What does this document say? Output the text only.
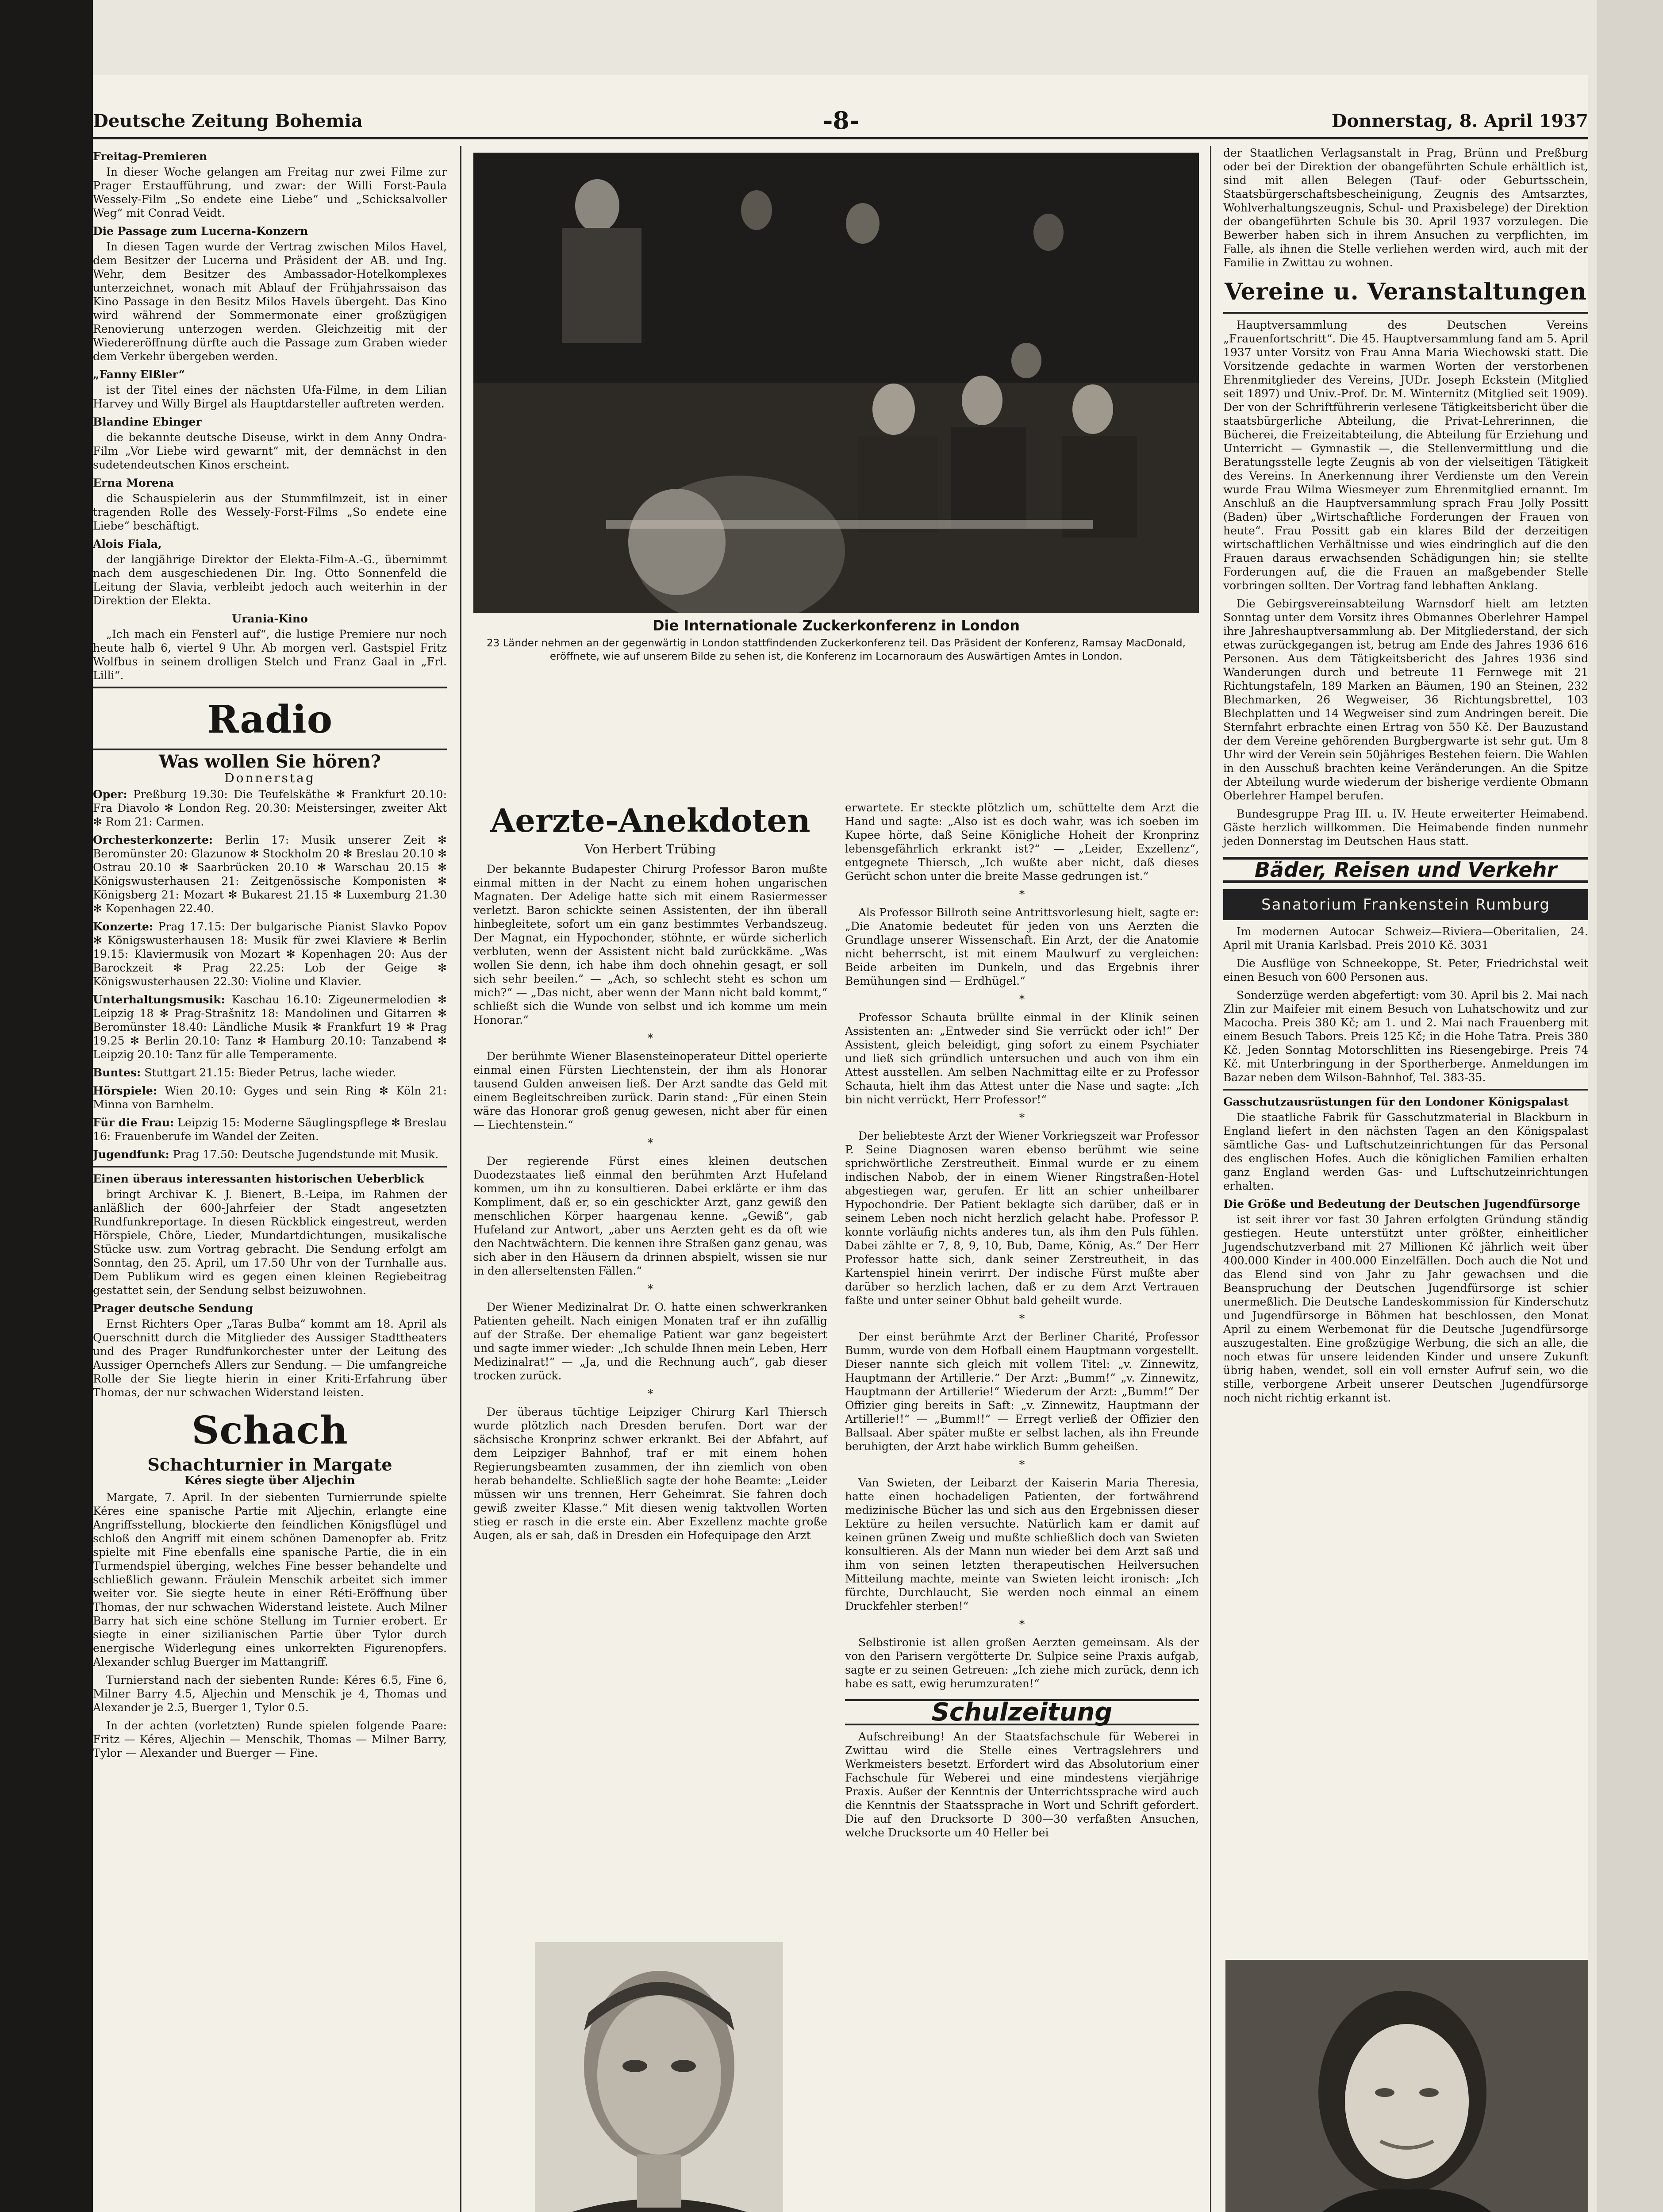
Deutsche Zeitung Bohemia	-8-	Donnerstag, 8. April 1937
Freitag-Premieren

In dieser Woche gelangen am Freitag nur zwei Filme zur Prager Erstaufführung, und zwar: der Willi Forst-Paula Wessely-Film „So endete eine Liebe“ und „Schicksalvoller Weg“ mit Conrad Veidt.

Die Passage zum Lucerna-Konzern

In diesen Tagen wurde der Vertrag zwischen Milos Havel, dem Besitzer der Lucerna und Präsident der AB. und Ing. Wehr, dem Besitzer des Ambassador-Hotelkomplexes unterzeichnet, wonach mit Ablauf der Frühjahrssaison das Kino Passage in den Besitz Milos Havels übergeht. Das Kino wird während der Sommermonate einer großzügigen Renovierung unterzogen werden. Gleichzeitig mit der Wiedereröffnung dürfte auch die Passage zum Graben wieder dem Verkehr übergeben werden.

„Fanny Elßler“

ist der Titel eines der nächsten Ufa-Filme, in dem Lilian Harvey und Willy Birgel als Hauptdarsteller auftreten werden.

Blandine Ebinger

die bekannte deutsche Diseuse, wirkt in dem Anny Ondra-Film „Vor Liebe wird gewarnt“ mit, der demnächst in den sudetendeutschen Kinos erscheint.

Erna Morena

die Schauspielerin aus der Stummfilmzeit, ist in einer tragenden Rolle des Wessely-Forst-Films „So endete eine Liebe“ beschäftigt.

Alois Fiala,

der langjährige Direktor der Elekta-Film-A.-G., übernimmt nach dem ausgeschiedenen Dir. Ing. Otto Sonnenfeld die Leitung der Slavia, verbleibt jedoch auch weiterhin in der Direktion der Elekta.

Urania-Kino

„Ich mach ein Fensterl auf“, die lustige Premiere nur noch heute halb 6, viertel 9 Uhr. Ab morgen verl. Gastspiel Fritz Wolfbus in seinem drolligen Stelch und Franz Gaal in „Frl. Lilli“.

Radio
Was wollen Sie hören?
Donnerstag

Oper: Preßburg 19.30: Die Teufelskäthe ✻ Frankfurt 20.10: Fra Diavolo ✻ London Reg. 20.30: Meistersinger, zweiter Akt ✻ Rom 21: Carmen.

Orchesterkonzerte: Berlin 17: Musik unserer Zeit ✻ Beromünster 20: Glazunow ✻ Stockholm 20 ✻ Breslau 20.10 ✻ Ostrau 20.10 ✻ Saarbrücken 20.10 ✻ Warschau 20.15 ✻ Königswusterhausen 21: Zeitgenössische Komponisten ✻ Königsberg 21: Mozart ✻ Bukarest 21.15 ✻ Luxemburg 21.30 ✻ Kopenhagen 22.40.

Konzerte: Prag 17.15: Der bulgarische Pianist Slavko Popov ✻ Königswusterhausen 18: Musik für zwei Klaviere ✻ Berlin 19.15: Klaviermusik von Mozart ✻ Kopenhagen 20: Aus der Barockzeit ✻ Prag 22.25: Lob der Geige ✻ Königswusterhausen 22.30: Violine und Klavier.

Unterhaltungsmusik: Kaschau 16.10: Zigeunermelodien ✻ Leipzig 18 ✻ Prag-Strašnitz 18: Mandolinen und Gitarren ✻ Beromünster 18.40: Ländliche Musik ✻ Frankfurt 19 ✻ Prag 19.25 ✻ Berlin 20.10: Tanz ✻ Hamburg 20.10: Tanzabend ✻ Leipzig 20.10: Tanz für alle Temperamente.

Buntes: Stuttgart 21.15: Bieder Petrus, lache wieder.

Hörspiele: Wien 20.10: Gyges und sein Ring ✻ Köln 21: Minna von Barnhelm.

Für die Frau: Leipzig 15: Moderne Säuglingspflege ✻ Breslau 16: Frauenberufe im Wandel der Zeiten.

Jugendfunk: Prag 17.50: Deutsche Jugendstunde mit Musik.

Einen überaus interessanten historischen Ueberblick

bringt Archivar K. J. Bienert, B.-Leipa, im Rahmen der anläßlich der 600-Jahrfeier der Stadt angesetzten Rundfunkreportage. In diesen Rückblick eingestreut, werden Hörspiele, Chöre, Lieder, Mundartdichtungen, musikalische Stücke usw. zum Vortrag gebracht. Die Sendung erfolgt am Sonntag, den 25. April, um 17.50 Uhr von der Turnhalle aus. Dem Publikum wird es gegen einen kleinen Regiebeitrag gestattet sein, der Sendung selbst beizuwohnen.

Prager deutsche Sendung

Ernst Richters Oper „Taras Bulba“ kommt am 18. April als Querschnitt durch die Mitglieder des Aussiger Stadttheaters und des Prager Rundfunkorchester unter der Leitung des Aussiger Opernchefs Allers zur Sendung. — Die umfangreiche Rolle der Sie liegte hierin in einer Kriti-Erfahrung über Thomas, der nur schwachen Widerstand leisten.

Schach
Schachturnier in Margate
Kéres siegte über Aljechin

Margate, 7. April. In der siebenten Turnierrunde spielte Kéres eine spanische Partie mit Aljechin, erlangte eine Angriffsstellung, blockierte den feindlichen Königsflügel und schloß den Angriff mit einem schönen Damenopfer ab. Fritz spielte mit Fine ebenfalls eine spanische Partie, die in ein Turmendspiel überging, welches Fine besser behandelte und schließlich gewann. Fräulein Menschik arbeitet sich immer weiter vor. Sie siegte heute in einer Réti-Eröffnung über Thomas, der nur schwachen Widerstand leistete. Auch Milner Barry hat sich eine schöne Stellung im Turnier erobert. Er siegte in einer sizilianischen Partie über Tylor durch energische Widerlegung eines unkorrekten Figurenopfers. Alexander schlug Buerger im Mattangriff.

Turnierstand nach der siebenten Runde: Kéres 6.5, Fine 6, Milner Barry 4.5, Aljechin und Menschik je 4, Thomas und Alexander je 2.5, Buerger 1, Tylor 0.5.

In der achten (vorletzten) Runde spielen folgende Paare: Fritz — Kéres, Aljechin — Menschik, Thomas — Milner Barry, Tylor — Alexander und Buerger — Fine.

Die Internationale Zuckerkonferenz in London
23 Länder nehmen an der gegenwärtig in London stattfindenden Zuckerkonferenz teil. Das Präsident der Konferenz, Ramsay MacDonald, eröffnete, wie auf unserem Bilde zu sehen ist, die Konferenz im Locarnoraum des Auswärtigen Amtes in London.
Aerzte-Anekdoten
Von Herbert Trübing

Der bekannte Budapester Chirurg Professor Baron mußte einmal mitten in der Nacht zu einem hohen ungarischen Magnaten. Der Adelige hatte sich mit einem Rasiermesser verletzt. Baron schickte seinen Assistenten, der ihn überall hinbegleitete, sofort um ein ganz bestimmtes Verbandszeug. Der Magnat, ein Hypochonder, stöhnte, er würde sicherlich verbluten, wenn der Assistent nicht bald zurückkäme. „Was wollen Sie denn, ich habe ihm doch ohnehin gesagt, er soll sich sehr beeilen.“ — „Ach, so schlecht steht es schon um mich?“ — „Das nicht, aber wenn der Mann nicht bald kommt,“ schließt sich die Wunde von selbst und ich komme um mein Honorar.“

*

Der berühmte Wiener Blasensteinoperateur Dittel operierte einmal einen Fürsten Liechtenstein, der ihm als Honorar tausend Gulden anweisen ließ. Der Arzt sandte das Geld mit einem Begleitschreiben zurück. Darin stand: „Für einen Stein wäre das Honorar groß genug gewesen, nicht aber für einen — Liechtenstein.“

*

Der regierende Fürst eines kleinen deutschen Duodezstaates ließ einmal den berühmten Arzt Hufeland kommen, um ihn zu konsultieren. Dabei erklärte er ihm das Kompliment, daß er, so ein geschickter Arzt, ganz gewiß den menschlichen Körper haargenau kenne. „Gewiß“, gab Hufeland zur Antwort, „aber uns Aerzten geht es da oft wie den Nachtwächtern. Die kennen ihre Straßen ganz genau, was sich aber in den Häusern da drinnen abspielt, wissen sie nur in den allerseltensten Fällen.“

*

Der Wiener Medizinalrat Dr. O. hatte einen schwerkranken Patienten geheilt. Nach einigen Monaten traf er ihn zufällig auf der Straße. Der ehemalige Patient war ganz begeistert und sagte immer wieder: „Ich schulde Ihnen mein Leben, Herr Medizinalrat!“ — „Ja, und die Rechnung auch“, gab dieser trocken zurück.

*

Der überaus tüchtige Leipziger Chirurg Karl Thiersch wurde plötzlich nach Dresden berufen. Dort war der sächsische Kronprinz schwer erkrankt. Bei der Abfahrt, auf dem Leipziger Bahnhof, traf er mit einem hohen Regierungsbeamten zusammen, der ihn ziemlich von oben herab behandelte. Schließlich sagte der hohe Beamte: „Leider müssen wir uns trennen, Herr Geheimrat. Sie fahren doch gewiß zweiter Klasse.“ Mit diesen wenig taktvollen Worten stieg er rasch in die erste ein. Aber Exzellenz machte große Augen, als er sah, daß in Dresden ein Hofequipage den Arzt

erwartete. Er steckte plötzlich um, schüttelte dem Arzt die Hand und sagte: „Also ist es doch wahr, was ich soeben im Kupee hörte, daß Seine Königliche Hoheit der Kronprinz lebensgefährlich erkrankt ist?“ — „Leider, Exzellenz“, entgegnete Thiersch, „Ich wußte aber nicht, daß dieses Gerücht schon unter die breite Masse gedrungen ist.“

*

Als Professor Billroth seine Antrittsvorlesung hielt, sagte er: „Die Anatomie bedeutet für jeden von uns Aerzten die Grundlage unserer Wissenschaft. Ein Arzt, der die Anatomie nicht beherrscht, ist mit einem Maulwurf zu vergleichen: Beide arbeiten im Dunkeln, und das Ergebnis ihrer Bemühungen sind — Erdhügel.“

*

Professor Schauta brüllte einmal in der Klinik seinen Assistenten an: „Entweder sind Sie verrückt oder ich!“ Der Assistent, gleich beleidigt, ging sofort zu einem Psychiater und ließ sich gründlich untersuchen und auch von ihm ein Attest ausstellen. Am selben Nachmittag eilte er zu Professor Schauta, hielt ihm das Attest unter die Nase und sagte: „Ich bin nicht verrückt, Herr Professor!“

*

Der beliebteste Arzt der Wiener Vorkriegszeit war Professor P. Seine Diagnosen waren ebenso berühmt wie seine sprichwörtliche Zerstreutheit. Einmal wurde er zu einem indischen Nabob, der in einem Wiener Ringstraßen-Hotel abgestiegen war, gerufen. Er litt an schier unheilbarer Hypochondrie. Der Patient beklagte sich darüber, daß er in seinem Leben noch nicht herzlich gelacht habe. Professor P. konnte vorläufig nichts anderes tun, als ihm den Puls fühlen. Dabei zählte er 7, 8, 9, 10, Bub, Dame, König, As.“ Der Herr Professor hatte sich, dank seiner Zerstreutheit, in das Kartenspiel hinein verirrt. Der indische Fürst mußte aber darüber so herzlich lachen, daß er zu dem Arzt Vertrauen faßte und unter seiner Obhut bald geheilt wurde.

*

Der einst berühmte Arzt der Berliner Charité, Professor Bumm, wurde von dem Hofball einem Hauptmann vorgestellt. Dieser nannte sich gleich mit vollem Titel: „v. Zinnewitz, Hauptmann der Artillerie.“ Der Arzt: „Bumm!“ „v. Zinnewitz, Hauptmann der Artillerie!“ Wiederum der Arzt: „Bumm!“ Der Offizier ging bereits in Saft: „v. Zinnewitz, Hauptmann der Artillerie!!“ — „Bumm!!“ — Erregt verließ der Offizier den Ballsaal. Aber später mußte er selbst lachen, als ihn Freunde beruhigten, der Arzt habe wirklich Bumm geheißen.

*

Van Swieten, der Leibarzt der Kaiserin Maria Theresia, hatte einen hochadeligen Patienten, der fortwährend medizinische Bücher las und sich aus den Ergebnissen dieser Lektüre zu heilen versuchte. Natürlich kam er damit auf keinen grünen Zweig und mußte schließlich doch van Swieten konsultieren. Als der Mann nun wieder bei dem Arzt saß und ihm von seinen letzten therapeutischen Heilversuchen Mitteilung machte, meinte van Swieten leicht ironisch: „Ich fürchte, Durchlaucht, Sie werden noch einmal an einem Druckfehler sterben!“

*

Selbstironie ist allen großen Aerzten gemeinsam. Als der von den Parisern vergötterte Dr. Sulpice seine Praxis aufgab, sagte er zu seinen Getreuen: „Ich ziehe mich zurück, denn ich habe es satt, ewig herumzuraten!“

Schulzeitung

Aufschreibung! An der Staatsfachschule für Weberei in Zwittau wird die Stelle eines Vertragslehrers und Werkmeisters besetzt. Erfordert wird das Absolutorium einer Fachschule für Weberei und eine mindestens vierjährige Praxis. Außer der Kenntnis der Unterrichtssprache wird auch die Kenntnis der Staatssprache in Wort und Schrift gefordert. Die auf den Drucksorte D 300—30 verfaßten Ansuchen, welche Drucksorte um 40 Heller bei

der Staatlichen Verlagsanstalt in Prag, Brünn und Preßburg oder bei der Direktion der obangeführten Schule erhältlich ist, sind mit allen Belegen (Tauf- oder Geburtsschein, Staatsbürgerschaftsbescheinigung, Zeugnis des Amtsarztes, Wohlverhaltungszeugnis, Schul- und Praxisbelege) der Direktion der obangeführten Schule bis 30. April 1937 vorzulegen. Die Bewerber haben sich in ihrem Ansuchen zu verpflichten, im Falle, als ihnen die Stelle verliehen werden wird, auch mit der Familie in Zwittau zu wohnen.

Vereine u. Veranstaltungen

Hauptversammlung des Deutschen Vereins „Frauenfortschritt“. Die 45. Hauptversammlung fand am 5. April 1937 unter Vorsitz von Frau Anna Maria Wiechowski statt. Die Vorsitzende gedachte in warmen Worten der verstorbenen Ehrenmitglieder des Vereins, JUDr. Joseph Eckstein (Mitglied seit 1897) und Univ.-Prof. Dr. M. Winternitz (Mitglied seit 1909). Der von der Schriftführerin verlesene Tätigkeitsbericht über die staatsbürgerliche Abteilung, die Privat-Lehrerinnen, die Bücherei, die Freizeitabteilung, die Abteilung für Erziehung und Unterricht — Gymnastik —, die Stellenvermittlung und die Beratungsstelle legte Zeugnis ab von der vielseitigen Tätigkeit des Vereins. In Anerkennung ihrer Verdienste um den Verein wurde Frau Wilma Wiesmeyer zum Ehrenmitglied ernannt. Im Anschluß an die Hauptversammlung sprach Frau Jolly Possitt (Baden) über „Wirtschaftliche Forderungen der Frauen von heute“. Frau Possitt gab ein klares Bild der derzeitigen wirtschaftlichen Verhältnisse und wies eindringlich auf die den Frauen daraus erwachsenden Schädigungen hin; sie stellte Forderungen auf, die die Frauen an maßgebender Stelle vorbringen sollten. Der Vortrag fand lebhaften Anklang.

Die Gebirgsvereinsabteilung Warnsdorf hielt am letzten Sonntag unter dem Vorsitz ihres Obmannes Oberlehrer Hampel ihre Jahreshauptversammlung ab. Der Mitgliederstand, der sich etwas zurückgegangen ist, betrug am Ende des Jahres 1936 616 Personen. Aus dem Tätigkeitsbericht des Jahres 1936 sind Wanderungen durch und betreute 11 Fernwege mit 21 Richtungstafeln, 189 Marken an Bäumen, 190 an Steinen, 232 Blechmarken, 26 Wegweiser, 36 Richtungsbrettel, 103 Blechplatten und 14 Wegweiser sind zum Andringen bereit. Die Sternfahrt erbrachte einen Ertrag von 550 Kč. Der Bauzustand der dem Vereine gehörenden Burgbergwarte ist sehr gut. Um 8 Uhr wird der Verein sein 50jähriges Bestehen feiern. Die Wahlen in den Ausschuß brachten keine Veränderungen. An die Spitze der Abteilung wurde wiederum der bisherige verdiente Obmann Oberlehrer Hampel berufen.

Bundesgruppe Prag III. u. IV. Heute erweiterter Heimabend. Gäste herzlich willkommen. Die Heimabende finden nunmehr jeden Donnerstag im Deutschen Haus statt.

Bäder, Reisen und Verkehr
Sanatorium Frankenstein Rumburg

Im modernen Autocar Schweiz—Riviera—Oberitalien, 24. April mit Urania Karlsbad. Preis 2010 Kč. 3031

Die Ausflüge von Schneekoppe, St. Peter, Friedrichstal weit einen Besuch von 600 Personen aus.

Sonderzüge werden abgefertigt: vom 30. April bis 2. Mai nach Zlin zur Maifeier mit einem Besuch von Luhatschowitz und zur Macocha. Preis 380 Kč; am 1. und 2. Mai nach Frauenberg mit einem Besuch Tabors. Preis 125 Kč; in die Hohe Tatra. Preis 380 Kč. Jeden Sonntag Motorschlitten ins Riesengebirge. Preis 74 Kč. mit Unterbringung in der Sportherberge. Anmeldungen im Bazar neben dem Wilson-Bahnhof, Tel. 383-35.

Gasschutzausrüstungen für den Londoner Königspalast

Die staatliche Fabrik für Gasschutzmaterial in Blackburn in England liefert in den nächsten Tagen an den Königspalast sämtliche Gas- und Luftschutzeinrichtungen für das Personal des englischen Hofes. Auch die königlichen Familien erhalten ganz England werden Gas- und Luftschutzeinrichtungen erhalten.

Die Größe und Bedeutung der Deutschen Jugendfürsorge

ist seit ihrer vor fast 30 Jahren erfolgten Gründung ständig gestiegen. Heute unterstützt unter größter, einheitlicher Jugendschutzverband mit 27 Millionen Kč jährlich weit über 400.000 Kinder in 400.000 Einzelfällen. Doch auch die Not und das Elend sind von Jahr zu Jahr gewachsen und die Beanspruchung der Deutschen Jugendfürsorge ist schier unermeßlich. Die Deutsche Landeskommission für Kinderschutz und Jugendfürsorge in Böhmen hat beschlossen, den Monat April zu einem Werbemonat für die Deutsche Jugendfürsorge auszugestalten. Eine großzügige Werbung, die sich an alle, die noch etwas für unsere leidenden Kinder und unsere Zukunft übrig haben, wendet, soll ein voll ernster Aufruf sein, wo die stille, verborgene Arbeit unserer Deutschen Jugendfürsorge noch nicht richtig erkannt ist.
